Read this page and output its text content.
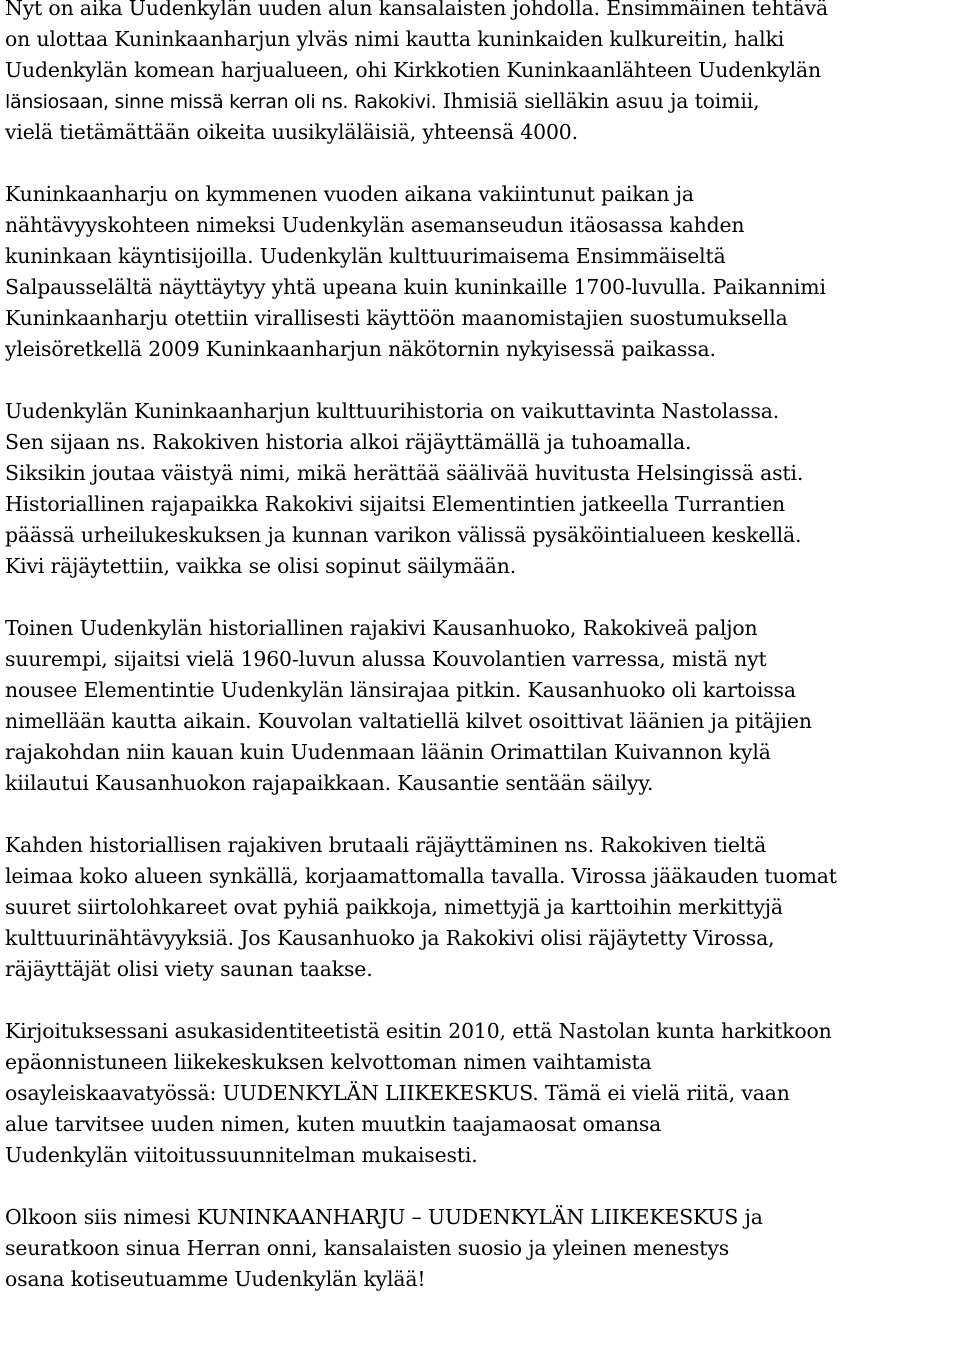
Nyt on aika Uudenkylän uuden alun kansalaisten johdolla. Ensimmäinen tehtävä
on ulottaa Kuninkaanharjun ylväs nimi kautta kuninkaiden kulkureitin, halki
Uudenkylän komean harjualueen, ohi Kirkkotien Kuninkaanlähteen Uudenkylän
länsiosaan, sinne missä kerran oli ns. Rakokivi. Ihmisiä sielläkin asuu ja toimii,
vielä tietämättään oikeita uusikyläläisiä, yhteensä 4000.
Kuninkaanharju on kymmenen vuoden aikana vakiintunut paikan ja
nähtävyyskohteen nimeksi Uudenkylän asemanseudun itäosassa kahden
kuninkaan käyntisijoilla. Uudenkylän kulttuurimaisema Ensimmäiseltä
Salpausselältä näyttäytyy yhtä upeana kuin kuninkaille 1700-luvulla. Paikannimi
Kuninkaanharju otettiin virallisesti käyttöön maanomistajien suostumuksella
yleisöretkellä 2009 Kuninkaanharjun näkötornin nykyisessä paikassa.
Uudenkylän Kuninkaanharjun kulttuurihistoria on vaikuttavinta Nastolassa.
Sen sijaan ns. Rakokiven historia alkoi räjäyttämällä ja tuhoamalla.
Siksikin joutaa väistyä nimi, mikä herättää säälivää huvitusta Helsingissä asti.
Historiallinen rajapaikka Rakokivi sijaitsi Elementintien jatkeella Turrantien
päässä urheilukeskuksen ja kunnan varikon välissä pysäköintialueen keskellä.
Kivi räjäytettiin, vaikka se olisi sopinut säilymään.
Toinen Uudenkylän historiallinen rajakivi Kausanhuoko, Rakokiveä paljon
suurempi, sijaitsi vielä 1960-luvun alussa Kouvolantien varressa, mistä nyt
nousee Elementintie Uudenkylän länsirajaa pitkin. Kausanhuoko oli kartoissa
nimellään kautta aikain. Kouvolan valtatiellä kilvet osoittivat läänien ja pitäjien
rajakohdan niin kauan kuin Uudenmaan läänin Orimattilan Kuivannon kylä
kiilautui Kausanhuokon rajapaikkaan. Kausantie sentään säilyy.
Kahden historiallisen rajakiven brutaali räjäyttäminen ns. Rakokiven tieltä
leimaa koko alueen synkällä, korjaamattomalla tavalla. Virossa jääkauden tuomat
suuret siirtolohkareet ovat pyhiä paikkoja, nimettyjä ja karttoihin merkittyjä
kulttuurinähtävyyksiä. Jos Kausanhuoko ja Rakokivi olisi räjäytetty Virossa,
räjäyttäjät olisi viety saunan taakse.
Kirjoituksessani asukasidentiteetistä esitin 2010, että Nastolan kunta harkitkoon
epäonnistuneen liikekeskuksen kelvottoman nimen vaihtamista
osayleiskaavatyössä: UUDENKYLÄN LIIKEKESKUS. Tämä ei vielä riitä, vaan
alue tarvitsee uuden nimen, kuten muutkin taajamaosat omansa
Uudenkylän viitoitussuunnitelman mukaisesti.
Olkoon siis nimesi KUNINKAANHARJU – UUDENKYLÄN LIIKEKESKUS ja
seuratkoon sinua Herran onni, kansalaisten suosio ja yleinen menestys
osana kotiseutuamme Uudenkylän kylää!
